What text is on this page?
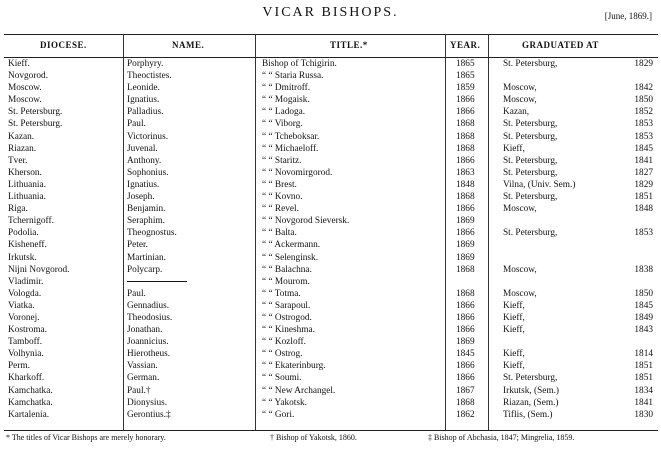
VICAR BISHOPS.	[June, 1869.]
DIOCESE.	NAME.	TITLE.*	YEAR.	GRADUATED AT
Kieff.	Porphyry.	Bishop of Tchigirin.	1865	St. Petersburg,	1829
Novgorod.	Theoctistes.	“ “ Staria Russa.	1865		
Moscow.	Leonide.	“ “ Dmitroff.	1859	Moscow,	1842
Moscow.	Ignatius.	“ “ Mogaisk.	1866	Moscow,	1850
St. Petersburg.	Palladius.	“ “ Ladoga.	1866	Kazan,	1852
St. Petersburg.	Paul.	“ “ Viborg.	1868	St. Petersburg,	1853
Kazan.	Victorinus.	“ “ Tcheboksar.	1868	St. Petersburg,	1853
Riazan.	Juvenal.	“ “ Michaeloff.	1868	Kieff,	1845
Tver.	Anthony.	“ “ Staritz.	1866	St. Petersburg,	1841
Kherson.	Sophonius.	“ “ Novomirgorod.	1863	St. Petersburg,	1827
Lithuania.	Ignatius.	“ “ Brest.	1848	Vilna, (Univ. Sem.)	1829
Lithuania.	Joseph.	“ “ Kovno.	1868	St. Petersburg,	1851
Riga.	Benjamin.	“ “ Revel.	1866	Moscow,	1848
Tchernigoff.	Seraphim.	“ “ Novgorod Sieversk.	1869		
Podolia.	Theognostus.	“ “ Balta.	1866	St. Petersburg,	1853
Kisheneff.	Peter.	“ “ Ackermann.	1869		
Irkutsk.	Martinian.	“ “ Selenginsk.	1869		
Nijni Novgorod.	Polycarp.	“ “ Balachna.	1868	Moscow,	1838
Vladimir.		“ “ Mourom.			
Vologda.	Paul.	“ “ Totma.	1868	Moscow,	1850
Viatka.	Gennadius.	“ “ Sarapoul.	1866	Kieff,	1845
Voronej.	Theodosius.	“ “ Ostrogod.	1866	Kieff,	1849
Kostroma.	Jonathan.	“ “ Kineshma.	1866	Kieff,	1843
Tamboff.	Joannicius.	“ “ Kozloff.	1869		
Volhynia.	Hierotheus.	“ “ Ostrog.	1845	Kieff,	1814
Perm.	Vassian.	“ “ Ekaterinburg.	1866	Kieff,	1851
Kharkoff.	German.	“ “ Soumi.	1866	St. Petersburg,	1851
Kamchatka.	Paul.†	“ “ New Archangel.	1867	Irkutsk, (Sem.)	1834
Kamchatka.	Dionysius.	“ “ Yakotsk.	1868	Riazan, (Sem.)	1841
Kartalenia.	Gerontius.‡	“ “ Gori.	1862	Tiflis, (Sem.)	1830
* The titles of Vicar Bishops are merely honorary.	† Bishop of Yakotsk, 1860.	‡ Bishop of Abchasia, 1847; Mingrelia, 1859.
